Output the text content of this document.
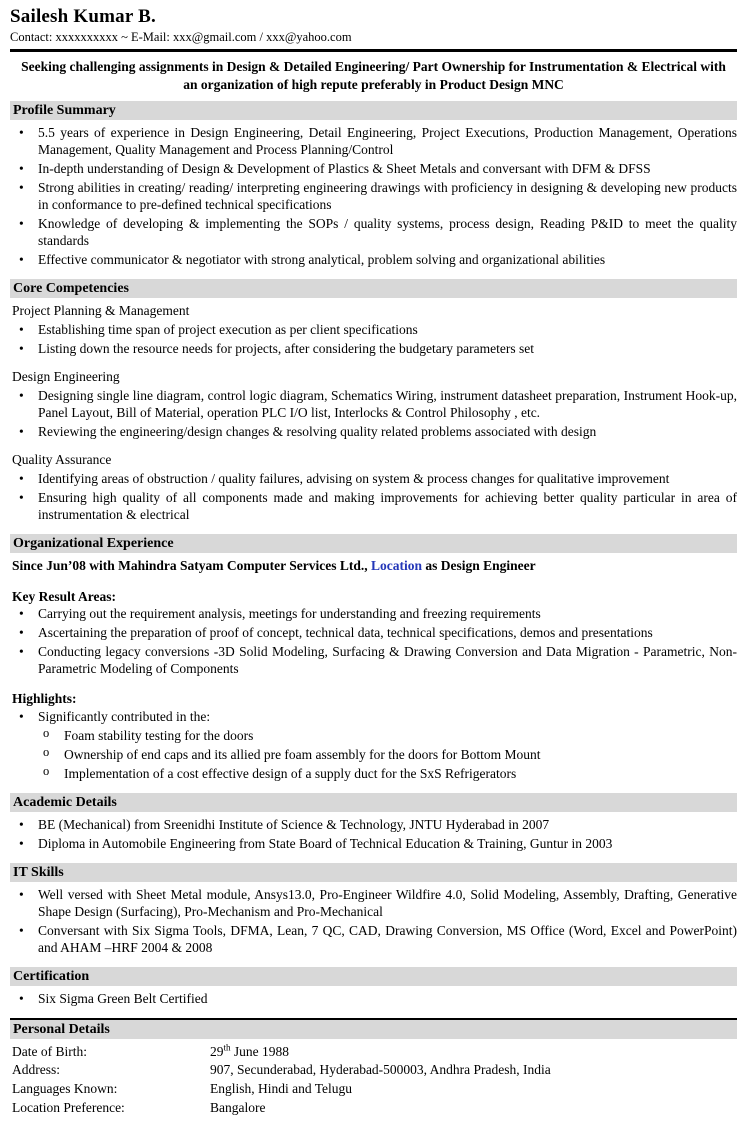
Sailesh Kumar B.
Contact: xxxxxxxxxx ~ E-Mail: xxx@gmail.com / xxx@yahoo.com

Seeking challenging assignments in Design & Detailed Engineering/ Part Ownership for Instrumentation & Electrical with an organization of high repute preferably in Product Design MNC

Profile Summary
• 5.5 years of experience in Design Engineering, Detail Engineering, Project Executions, Production Management, Operations Management, Quality Management and Process Planning/Control
• In-depth understanding of Design & Development of Plastics & Sheet Metals and conversant with DFM & DFSS
• Strong abilities in creating/ reading/ interpreting engineering drawings with proficiency in designing & developing new products in conformance to pre-defined technical specifications
• Knowledge of developing & implementing the SOPs / quality systems, process design, Reading P&ID to meet the quality standards
• Effective communicator & negotiator with strong analytical, problem solving and organizational abilities
Core Competencies
Project Planning & Management
• Establishing time span of project execution as per client specifications
• Listing down the resource needs for projects, after considering the budgetary parameters set
Design Engineering
• Designing single line diagram, control logic diagram, Schematics Wiring, instrument datasheet preparation, Instrument Hook-up, Panel Layout, Bill of Material, operation PLC I/O list, Interlocks & Control Philosophy , etc.
• Reviewing the engineering/design changes & resolving quality related problems associated with design
Quality Assurance
• Identifying areas of obstruction / quality failures, advising on system & process changes for qualitative improvement
• Ensuring high quality of all components made and making improvements for achieving better quality particular in area of instrumentation & electrical
Organizational Experience

Since Jun’08 with Mahindra Satyam Computer Services Ltd., Location as Design Engineer

Key Result Areas:

• Carrying out the requirement analysis, meetings for understanding and freezing requirements
• Ascertaining the preparation of proof of concept, technical data, technical specifications, demos and presentations
• Conducting legacy conversions -3D Solid Modeling, Surfacing & Drawing Conversion and Data Migration - Parametric, Non-Parametric Modeling of Components

Highlights:

• Significantly contributed in the:
o Foam stability testing for the doors
o Ownership of end caps and its allied pre foam assembly for the doors for Bottom Mount
o Implementation of a cost effective design of a supply duct for the SxS Refrigerators
Academic Details
• BE (Mechanical) from Sreenidhi Institute of Science & Technology, JNTU Hyderabad in 2007
• Diploma in Automobile Engineering from State Board of Technical Education & Training, Guntur in 2003
IT Skills
• Well versed with Sheet Metal module, Ansys13.0, Pro-Engineer Wildfire 4.0, Solid Modeling, Assembly, Drafting, Generative Shape Design (Surfacing), Pro-Mechanism and Pro-Mechanical
• Conversant with Six Sigma Tools, DFMA, Lean, 7 QC, CAD, Drawing Conversion, MS Office (Word, Excel and PowerPoint) and AHAM –HRF 2004 & 2008
Certification
• Six Sigma Green Belt Certified
Personal Details
Date of Birth:	29th June 1988
Address:	907, Secunderabad, Hyderabad-500003, Andhra Pradesh, India
Languages Known:	English, Hindi and Telugu
Location Preference:	Bangalore
